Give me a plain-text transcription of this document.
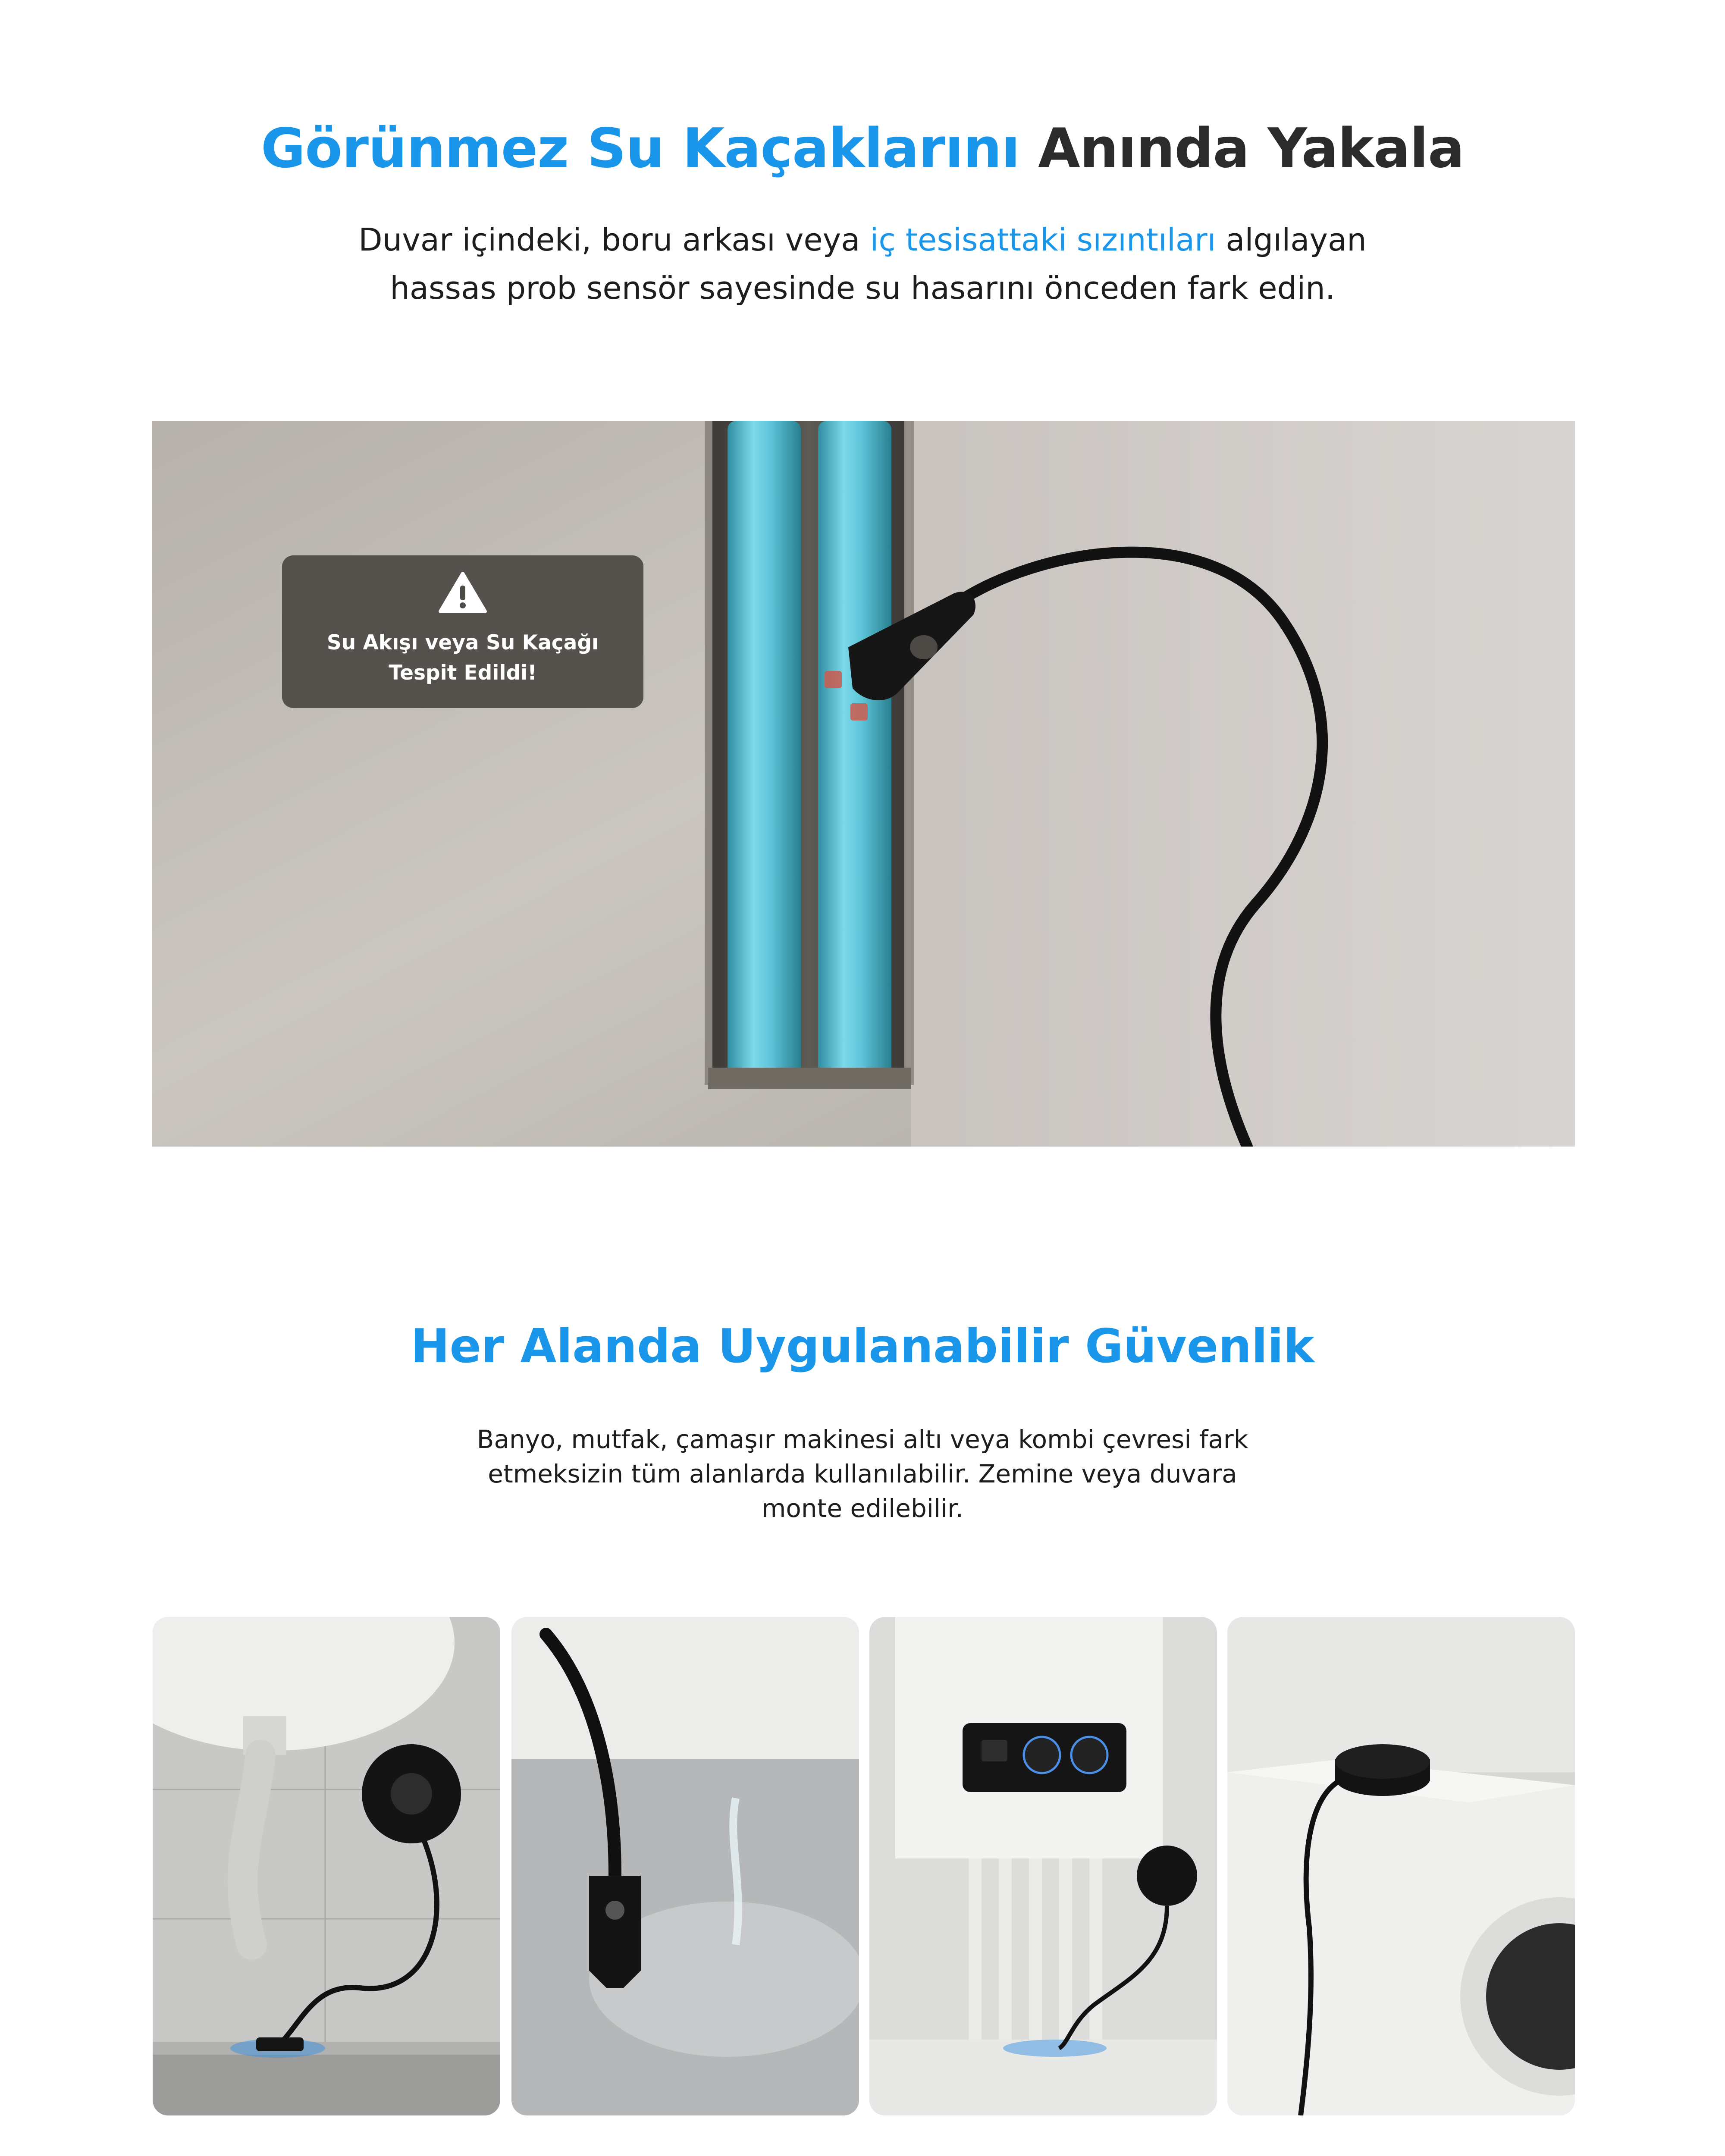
Görünmez Su Kaçaklarını Anında Yakala
Duvar içindeki, boru arkası veya iç tesisattaki sızıntıları algılayan
hassas prob sensör sayesinde su hasarını önceden fark edin.
Su Akışı veya Su Kaçağı
Tespit Edildi!
Her Alanda Uygulanabilir Güvenlik
Banyo, mutfak, çamaşır makinesi altı veya kombi çevresi fark
etmeksizin tüm alanlarda kullanılabilir. Zemine veya duvara
monte edilebilir.
